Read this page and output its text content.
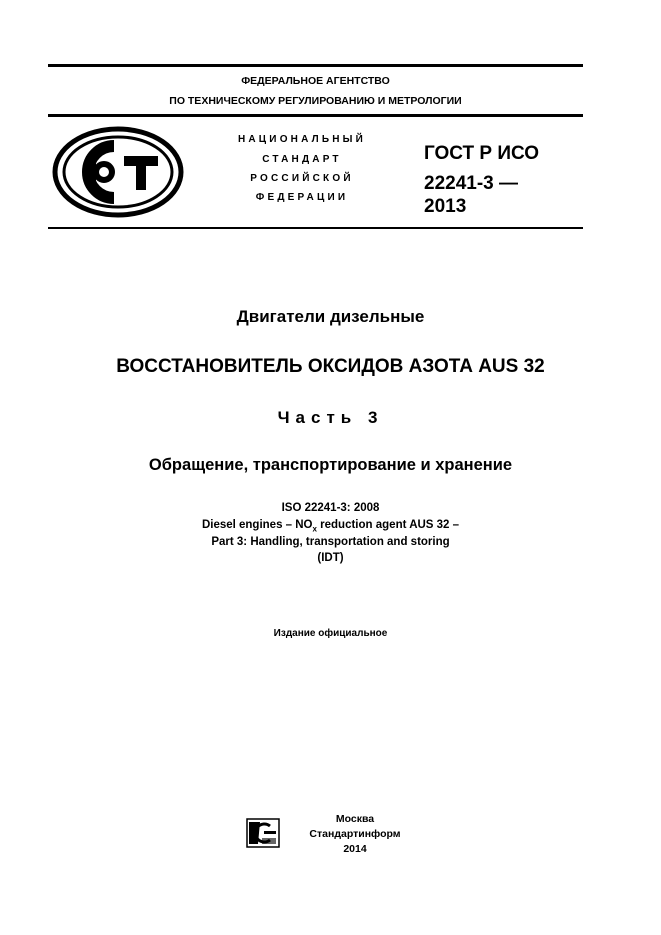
ФЕДЕРАЛЬНОЕ АГЕНТСТВО
ПО ТЕХНИЧЕСКОМУ РЕГУЛИРОВАНИЮ И МЕТРОЛОГИИ
НАЦИОНАЛЬНЫЙ
СТАНДАРТ
РОССИЙСКОЙ
ФЕДЕРАЦИИ
ГОСТ Р ИСО
22241-3 —
2013
Двигатели дизельные
ВОССТАНОВИТЕЛЬ ОКСИДОВ АЗОТА AUS 32
Часть 3
Обращение, транспортирование и хранение
ISO 22241-3: 2008
Diesel engines – $NO_x$ reduction agent AUS 32 –
Part 3: Handling, transportation and storing
(IDT)
Издание официальное
Москва
Стандартинформ
2014
